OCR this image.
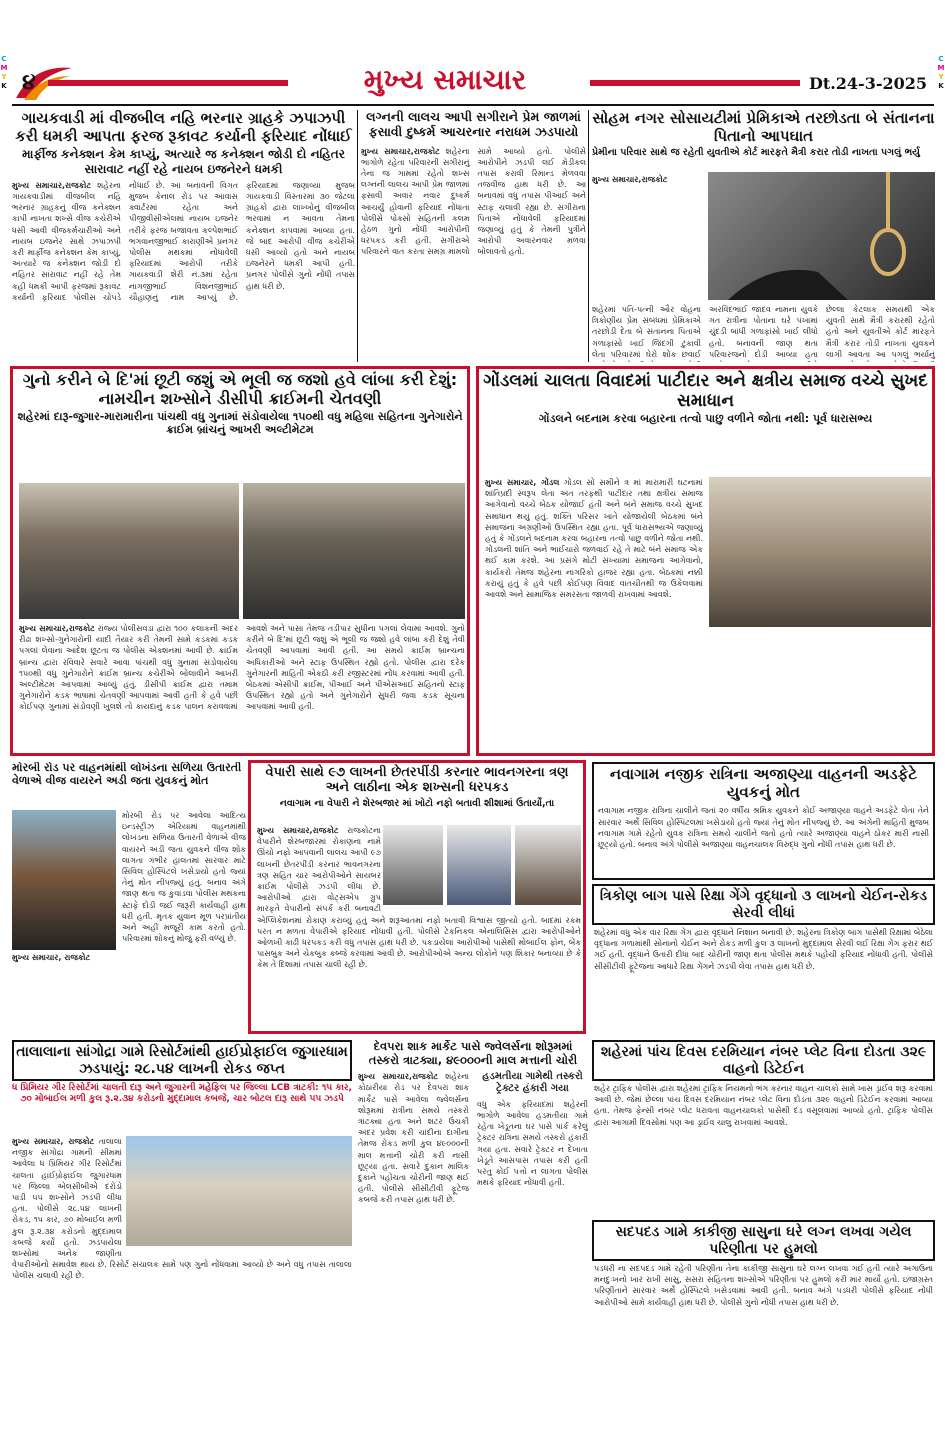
C
M
Y
K
C
M
Y
K
૪	મુખ્ય સમાચાર	Dt.24-3-2025
ગાયકવાડી માં વીજબીલ નહિ ભરનાર ગ્રાહકે ઝપાઝપી કરી ધમકી આપતા ફરજ રૂકાવટ કર્યાની ફરિયાદ નોંધાઈ
માર્ફીજ કનેક્શન કેમ કાપ્યું, અત્યારે જ કનેક્શન જોડી દો નહિતર સારાવાટ નહીં રહે નાયબ ઇજનેરને ધમકી
મુખ્ય સમાચાર,રાજકોટ શહેરના ગાયકવાડીમાં વીજબીલ નહિ ભરનાર ગ્રાહકનું વીજ કનેક્શન કાપી નાખતા શખ્સે વીજ કચેરીએ ધસી આવી વીજકર્મચારીઓ અને નાયબ ઇજનેર સાથે ઝપાઝપી કરી માર્ફીજ કનેક્શન કેમ કાપ્યું, અત્યારે જ કનેક્શન જોડી દો નહિતર સારાવાટ નહીં રહે તેમ કહી ધમકી આપી ફરજમાં રૂકાવટ કર્યાની ફરિયાદ પોલીસ ચોપડે નોંધાઈ છે. આ બનાવની વિગત મુજબ કેનાલ રોડ પર આવાસ ક્વાર્ટરમાં રહેતા અને પીજીવીસીએલમાં નાયબ ઇજનેર તરીકે ફરજ બજાવતા કલ્પેશભાઈ ભગવાનજીભાઈ કારાણીએ પ્રનગર પોલીસ મથકમાં નોંધાવેલી ફરિયાદમાં આરોપી તરીકે ગાયકવાડી શેરી નં.૩માં રહેતા નાગજીભાઈ વિશનજીભાઈ ચૌહાણનું નામ આપ્યું છે. ફરિયાદમાં જણાવ્યા મુજબ ગાયકવાડી વિસ્તારમાં ૩૦ જેટલા ગ્રાહકો દ્વારા લાખ્ખોનું વીજબીલ ભરવામાં ન આવતા તેમના કનેક્શન કાપવામાં આવ્યા હતા. જે બાદ આરોપી વીજ કચેરીએ ધસી આવ્યો હતો અને નાયબ ઇજનેરને ધમકી આપી હતી. પ્રનગર પોલીસે ગુનો નોંધી તપાસ હાથ ધરી છે.
લગ્નની લાલચ આપી સગીરાને પ્રેમ જાળમાં ફસાવી દુષ્કર્મ આચરનાર નરાધમ ઝડપાયો
મુખ્ય સમાચાર,રાજકોટ શહેરના ભાગોળે રહેતા પરિવારની સગીરાનું તેના જ ગામમાં રહેતો શખ્સ લગ્નની લાલચ આપી પ્રેમ જાળમાં ફસાવી અવાર નવાર દુષ્કર્મ આચર્યું હોવાની ફરિયાદ નોંધાતા પોલીસે પોક્સો સહિતની કલમ હેઠળ ગુનો નોંધી આરોપીની ધરપકડ કરી હતી. સગીરાએ પરિવારને વાત કરતા સમગ્ર મામલો સામે આવ્યો હતો. પોલીસે આરોપીને ઝડપી લઈ મેડીકલ તપાસ કરાવી રિમાન્ડ મેળવવા તજવીજ હાથ ધરી છે. આ બનાવમાં વધુ તપાસ પીઆઈ અને સ્ટાફ ચલાવી રહ્યા છે. સગીરાના પિતાએ નોંધાવેલી ફરિયાદમાં જણાવ્યું હતું કે તેમની પુત્રીને આરોપી અવારનવાર મળવા બોલાવતો હતો.
સોહમ નગર સોસાયટીમાં પ્રેમિકાએ તરછોડતા બે સંતાનના પિતાનો આપઘાત
પ્રેમીના પરિવાર સાથે જ રહેતી યુવતીએ કોર્ટ મારફતે મૈત્રી કરાર તોડી નાખતા પગલું ભર્યુ
મુખ્ય સમાચાર,રાજકોટ
શહેરમાં પતિ-પત્ની ઔર વોહના ત્રિકોણીય પ્રેમ સંબંધમાં પ્રેમિકાએ તરછોડી દેતા બે સંતાનના પિતાએ ગળાફાંસો ખાઈ જિંદગી ટુંકાવી લેતા પરિવારમાં ઘેરો શોક છવાઈ અરવિંદભાઈ જાદવ નામના યુવકે ગત રાત્રીના પોતાના ઘરે પંખામાં ચુંદડી બાંધી ગળાફાંસો ખાઈ લીધો હતો. બનાવની જાણ થતા પરિવારજનો દોડી આવ્યા હતા છેલ્લા કેટલાક સમયથી એક યુવતી સાથે મૈત્રી કરારથી રહેતો હતો અને યુવતીએ કોર્ટ મારફતે મૈત્રી કરાર તોડી નાખતા યુવકને લાગી આવતા આ પગલું ભર્યાનું
ગુનો કરીને બે દિ'માં છૂટી જશું એ ભૂલી જ જશો હવે લાંબા કરી દેશું: નામચીન શખ્સોને ડીસીપી ક્રાઈમની ચેતવણી
શહેરમાં દારૂ-જુગાર-મારામારીના પાંચથી વધુ ગુનામાં સંડોવાયેલા ૧૫૦થી વધુ મહિલા સહિતના ગુનેગારોને ક્રાઈમ બ્રાંચનું આખરી અલ્ટીમેટમ
મુખ્ય સમાચાર,રાજકોટ રાજ્ય પોલીસવડા દ્વારા ૧૦૦ કલાકની અંદર રીઢા શખ્સો-ગુનેગારોની યાદી તૈયાર કરી તેમની સામે કડકમાં કડક પગલાં લેવાના આદેશ છૂટતા જ પોલીસ એક્શનમાં આવી છે. ક્રાઈમ બ્રાન્ચ દ્વારા રવિવારે સવારે આવા પાંચથી વધુ ગુનામાં સંડોવાયેલા ૧૫૦થી વધુ ગુનેગારોને ક્રાઈમ બ્રાન્ચ કચેરીએ બોલાવીને આખરી અલ્ટીમેટમ આપવામાં આવ્યું હતું. ડીસીપી ક્રાઈમ દ્વારા તમામ ગુનેગારોને કડક ભાષામાં ચેતવણી આપવામાં આવી હતી કે હવે પછી કોઈપણ ગુનામાં સંડોવણી ખુલશે તો કાયદાનું કડક પાલન કરાવવામાં આવશે અને પાસા તેમજ તડીપાર સુધીના પગલાં લેવામાં આવશે. ગુનો કરીને બે દિ'માં છૂટી જશું એ ભૂલી જ જશો હવે લાંબા કરી દેશું તેવી ચેતવણી આપવામાં આવી હતી. આ સમયે ક્રાઈમ બ્રાન્ચના અધિકારીઓ અને સ્ટાફ ઉપસ્થિત રહ્યો હતો. પોલીસ દ્વારા દરેક ગુનેગારની માહિતી એકઠી કરી રજીસ્ટરમાં નોંધ કરવામાં આવી હતી. બેઠકમાં એસીપી ક્રાઈમ, પીઆઈ અને પીએસઆઈ સહિતનો સ્ટાફ ઉપસ્થિત રહ્યો હતો અને ગુનેગારોને સુધરી જવા કડક સૂચના આપવામાં આવી હતી.
ગોંડલમાં ચાલતા વિવાદમાં પાટીદાર અને ક્ષત્રીય સમાજ વચ્ચે સુખદ સમાધાન
ગોંડલને બદનામ કરવા બહારના તત્વો પાછુ વળીને જોતા નથી: પૂર્વ ધારાસભ્ય
મુખ્ય સમાચાર, ગોંડલ ગોંડલ સો સમીને ત્ર માં મારામારી ઘટનામાં શાંતિપ્રદી સ્વરૂપ લેતા અંત તરફથી પાટીદાર તથા ક્ષત્રીય સમાજ આગેવાનો વચ્ચે બેઠક યોજાઈ હતી અને બંને સમાજ વચ્ચે સુખદ સમાધાન થયું હતું. શક્તિ પરિસર ખાતે યોજાયેલી બેઠકમાં બંને સમાજના અગ્રણીઓ ઉપસ્થિત રહ્યા હતા. પૂર્વ ધારાસભ્યએ જણાવ્યું હતું કે ગોંડલને બદનામ કરવા બહારના તત્વો પાછુ વળીને જોતા નથી. ગોંડલની શાંતિ અને ભાઈચારો જળવાઈ રહે તે માટે બંને સમાજ એક થઈ કામ કરશે. આ પ્રસંગે મોટી સંખ્યામાં સમાજના આગેવાનો, કાર્યકરો તેમજ શહેરના નાગરિકો હાજર રહ્યા હતા. બેઠકમાં નક્કી કરાયું હતું કે હવે પછી કોઈપણ વિવાદ વાતચીતથી જ ઉકેલવામાં આવશે અને સામાજિક સમરસતા જાળવી રાખવામાં આવશે.
મોરબી રોડ પર વાહનમાંથી લોખંડના સળિયા ઉતારતી વેળાએ વીજ વાયરને અડી જતા યુવકનું મોત
મુખ્ય સમાચાર, રાજકોટ
મોરબી રોડ પર આવેલા આદિત્ય ઇન્ડસ્ટ્રીઝ એરિયામાં વાહનમાંથી લોખંડના સળિયા ઉતારતી વેળાએ વીજ વાયરને અડી જતા યુવકને વીજ શોક લાગતા ગંભીર હાલતમાં સારવાર માટે સિવિલ હોસ્પિટલે ખસેડાયો હતો જ્યાં તેનું મોત નીપજ્યું હતું. બનાવ અંગે જાણ થતા જ કુવાડવા પોલીસ મથકના સ્ટાફે દોડી જઈ જરૂરી કાર્યવાહી હાથ ધરી હતી. મૃતક યુવાન મૂળ પરપ્રાંતીય અને અહીં મજૂરી કામ કરતો હતો. પરિવારમાં શોકનું મોજું ફરી વળ્યું છે.
વેપારી સાથે ૯૭ લાખની છેતરપીંડી કરનાર ભાવનગરના ત્રણ અને લાઠીના એક શખ્સની ધરપકડ
નવાગામ ના વેપારી ને શેરબજાર માં ખોટો નફો બતાવી શીશામાં ઉતાર્યો,તા
મુખ્ય સમાચાર,રાજકોટ રાજકોટના વેપારીને શેરબજારમાં રોકાણના નામે ઊંચો નફો આપવાની લાલચ આપી ૯૭ લાખની છેતરપીંડી કરનાર ભાવનગરના ત્રણ સહિત ચાર આરોપીઓને સાયબર ક્રાઈમ પોલીસે ઝડપી લીધા છે. આરોપીઓ દ્વારા વોટ્સએપ ગ્રુપ મારફતે વેપારીનો સંપર્ક કરી બનાવટી એપ્લિકેશનમાં રોકાણ કરાવ્યું હતું અને શરૂઆતમાં નફો બતાવી વિશ્વાસ જીત્યો હતો. બાદમાં રકમ પરત ન મળતા વેપારીએ ફરિયાદ નોંધાવી હતી. પોલીસે ટેકનિકલ એનાલિસિસ દ્વારા આરોપીઓને ઓળખી કાઢી ધરપકડ કરી વધુ તપાસ હાથ ધરી છે. પકડાયેલા આરોપીઓ પાસેથી મોબાઈલ ફોન, બેંક પાસબુક અને ચેકબુક કબ્જે કરવામાં આવી છે. આરોપીઓએ અન્ય લોકોને પણ શિકાર બનાવ્યા છે કે કેમ તે દિશામાં તપાસ ચાલી રહી છે.
નવાગામ નજીક રાત્રિના અજાણ્યા વાહનની અડફેટે યુવકનું મોત
નવાગામ નજીક રાત્રિના ચાલીને જતાં ૨૦ વર્ષીય શ્રમિક યુવકને કોઈ અજાણ્યા વાહને અડફેટે લેતા તેને સારવાર અર્થે સિવિલ હોસ્પિટલમાં ખસેડાયો હતો જ્યાં તેનું મોત નીપજ્યું છે. આ અંગેની માહિતી મુજબ નવાગામ ગામે રહેતો યુવક રાત્રિના સમયે ચાલીને જતો હતો ત્યારે અજાણ્યા વાહને ઠોકર મારી નાસી છૂટ્યો હતો. બનાવ અંગે પોલીસે અજાણ્યા વાહનચાલક વિરુદ્ધ ગુનો નોંધી તપાસ હાથ ધરી છે.
ત્રિકોણ બાગ પાસે રિક્ષા ગેંગે વૃદ્ધાનો ૩ લાખનો ચેઈન-રોકડ સેરવી લીધાં
શહેરમાં વધુ એક વાર રિક્ષા ગેંગ દ્વારા વૃદ્ધાને નિશાન બનાવી છે. શહેરના ત્રિકોણ બાગ પાસેથી રિક્ષામાં બેઠેલા વૃદ્ધાના ગળામાંથી સોનાનો ચેઈન અને રોકડ મળી કુલ ૩ લાખનો મુદ્દામાલ સેરવી લઈ રિક્ષા ગેંગ ફરાર થઈ ગઈ હતી. વૃદ્ધાને ઉતારી દીધા બાદ ચોરીની જાણ થતા પોલીસ મથકે પહોંચી ફરિયાદ નોંધાવી હતી. પોલીસે સીસીટીવી ફૂટેજના આધારે રિક્ષા ગેંગને ઝડપી લેવા તપાસ હાથ ધરી છે.
શહેરમાં પાંચ દિવસ દરમિયાન નંબર પ્લેટ વિના દોડતા ૩૨૯ વાહનો ડિટેઈન
શહેર ટ્રાફિક પોલીસ દ્વારા શહેરમાં ટ્રાફિક નિયમનો ભંગ કરનાર વાહન ચાલકો સામે ખાસ ડ્રાઈવ શરૂ કરવામાં આવી છે. જેમાં છેલ્લા પાંચ દિવસ દરમિયાન નંબર પ્લેટ વિના દોડતા ૩૨૯ વાહનો ડિટેઈન કરવામાં આવ્યા હતા. તેમજ ફેન્સી નંબર પ્લેટ ધરાવતા વાહનચાલકો પાસેથી દંડ વસૂલવામાં આવ્યો હતો. ટ્રાફિક પોલીસ દ્વારા આગામી દિવસોમાં પણ આ ડ્રાઈવ ચાલુ રાખવામાં આવશે.
સદપદડ ગામે કાકીજી સાસુના ઘરે લગ્ન લખવા ગયેલ પરિણીતા પર હુમલો
પડધરી ના સદપદડ ગામે રહેતી પરિણીતા તેના કાકીજી સાસુના ઘરે લગ્ન લખવા ગઈ હતી ત્યારે અગાઉના મનદુઃખનો ખાર રાખી સાસુ, સસરા સહિતના શખ્સોએ પરિણીતા પર હુમલો કરી માર માર્યો હતો. ઇજાગ્રસ્ત પરિણીતાને સારવાર અર્થે હોસ્પિટલે ખસેડવામાં આવી હતી. બનાવ અંગે પડધરી પોલીસે ફરિયાદ નોંધી આરોપીઓ સામે કાર્યવાહી હાથ ધરી છે. પોલીસે ગુનો નોંધી તપાસ હાથ ધરી છે.
તાલાલાના સાંગોદ્રા ગામે રિસોર્ટમાંથી હાઈપ્રોફાઈલ જુગારધામ ઝડપાયું: ૨૮.૫૪ લાખની રોકડ જપ્ત
ધ પ્રિમિયર ગીર રિસોર્ટમાં ચાલતી દારૂ અને જુગારની મહેફિલ પર જિલ્લા LCB ત્રાટકી: ૧૫ કાર, ૭૦ મોબાઈલ મળી કુલ રૂ.૨.૩૪ કરોડનો મુદ્દામાલ કબજે, ચાર બોટલ દારૂ સાથે ૫૫ ઝડપે
મુખ્ય સમાચાર, રાજકોટ તાલાલા નજીક સાંગોદ્રા ગામની સીમમાં આવેલા ધ પ્રિમિયર ગીર રિસોર્ટમાં ચાલતા હાઈપ્રોફાઈલ જુગારધામ પર જિલ્લા એલસીબીએ દરોડો પાડી ૫૫ શખ્સોને ઝડપી લીધા હતા. પોલીસે ૨૮.૫૪ લાખની રોકડ, ૧૫ કાર, ૭૦ મોબાઈલ મળી કુલ રૂ.૨.૩૪ કરોડનો મુદ્દામાલ કબજે કર્યો હતો. ઝડપાયેલા શખ્સોમાં અનેક જાણીતા વેપારીઓનો સમાવેશ થાય છે. રિસોર્ટ સંચાલક સામે પણ ગુનો નોંધવામાં આવ્યો છે અને વધુ તપાસ તાલાલા પોલીસ ચલાવી રહી છે.
દેવપરા શાક માર્કેટ પાસે જ્વેલર્સના શોરૂમમાં તસ્કરો ત્રાટક્યા, ૪૯૦૦૦ની માલ મત્તાની ચોરી
મુખ્ય સમાચાર,રાજકોટ શહેરના કોઠારીયા રોડ પર દેવપરા શાક માર્કેટ પાસે આવેલા જ્વેલર્સના શોરૂમમાં રાત્રીના સમયે તસ્કરો ત્રાટક્યા હતા અને શટર ઉંચકી અંદર પ્રવેશ કરી ચાંદીના દાગીના તેમજ રોકડ મળી કુલ ૪૯૦૦૦ની માલ મત્તાની ચોરી કરી નાસી છૂટ્યા હતા. સવારે દુકાન માલિક દુકાને પહોંચતા ચોરીની જાણ થઈ હતી. પોલીસે સીસીટીવી ફૂટેજ કબજે કરી તપાસ હાથ ધરી છે.
હડમતીયા ગામેથી તસ્કરો ટ્રેક્ટર હંકારી ગયા
વધુ એક ફરિયાદમાં શહેરની ભાગોળે આવેલા હડમતીયા ગામે રહેતા ખેડૂતના ઘર પાસે પાર્ક કરેલું ટ્રેક્ટર રાત્રિના સમયે તસ્કરો હંકારી ગયા હતા. સવારે ટ્રેક્ટર ન દેખાતા ખેડૂતે આસપાસ તપાસ કરી હતી પરંતુ કોઈ પત્તો ન લાગતા પોલીસ મથકે ફરિયાદ નોંધાવી હતી.
